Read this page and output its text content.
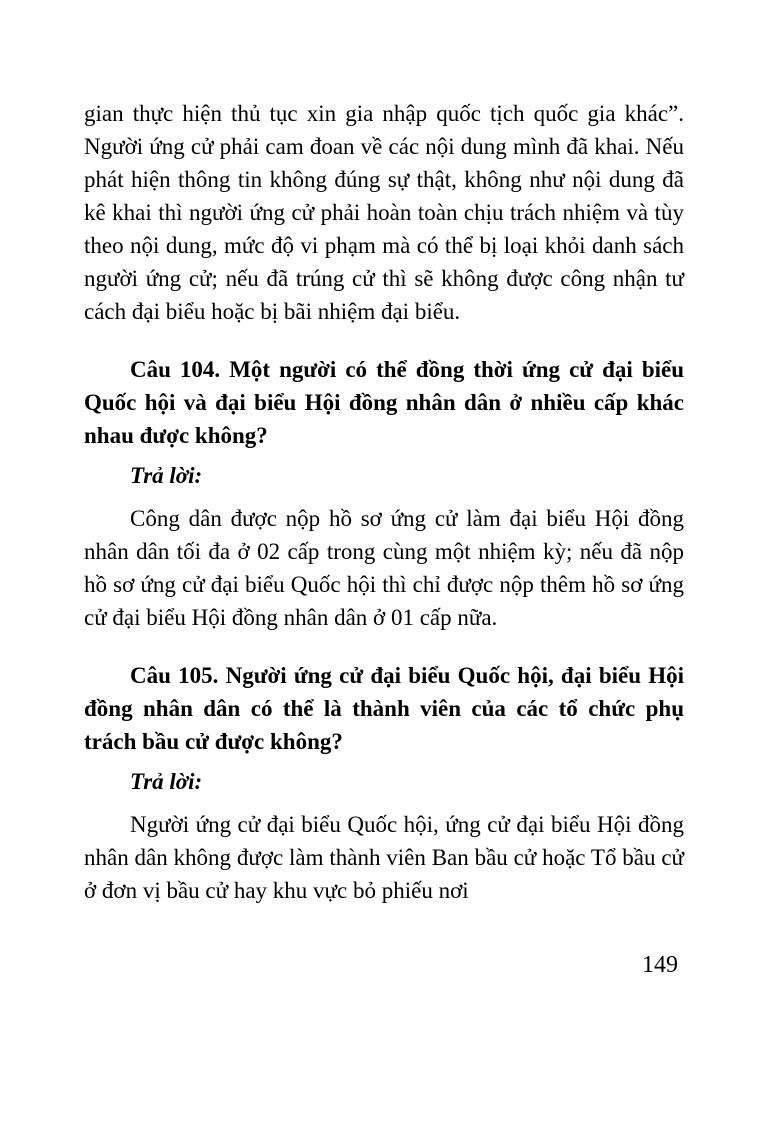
gian thực hiện thủ tục xin gia nhập quốc tịch quốc gia khác”. Người ứng cử phải cam đoan về các nội dung mình đã khai. Nếu phát hiện thông tin không đúng sự thật, không như nội dung đã kê khai thì người ứng cử phải hoàn toàn chịu trách nhiệm và tùy theo nội dung, mức độ vi phạm mà có thể bị loại khỏi danh sách người ứng cử; nếu đã trúng cử thì sẽ không được công nhận tư cách đại biểu hoặc bị bãi nhiệm đại biểu.

Câu 104. Một người có thể đồng thời ứng cử đại biểu Quốc hội và đại biểu Hội đồng nhân dân ở nhiều cấp khác nhau được không?

Trả lời:

Công dân được nộp hồ sơ ứng cử làm đại biểu Hội đồng nhân dân tối đa ở 02 cấp trong cùng một nhiệm kỳ; nếu đã nộp hồ sơ ứng cử đại biểu Quốc hội thì chỉ được nộp thêm hồ sơ ứng cử đại biểu Hội đồng nhân dân ở 01 cấp nữa.

Câu 105. Người ứng cử đại biểu Quốc hội, đại biểu Hội đồng nhân dân có thể là thành viên của các tổ chức phụ trách bầu cử được không?

Trả lời:

Người ứng cử đại biểu Quốc hội, ứng cử đại biểu Hội đồng nhân dân không được làm thành viên Ban bầu cử hoặc Tổ bầu cử ở đơn vị bầu cử hay khu vực bỏ phiếu nơi

149
